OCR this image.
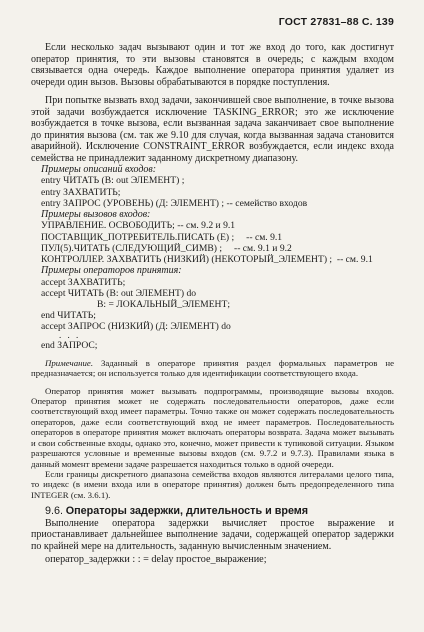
ГОСТ 27831–88 С. 139

Если несколько задач вызывают один и тот же вход до того, как достигнут оператор принятия, то эти вызовы становятся в очередь; с каждым входом связывается одна очередь. Каждое выполнение оператора принятия удаляет из очереди один вызов. Вызовы обрабатываются в порядке поступления.

При попытке вызвать вход задачи, закончившей свое выполнение, в точке вызова этой задачи возбуждается исключение TASKING_ERROR; это же исключение возбуждается в точке вызова, если вызванная задача заканчивает свое выполнение до принятия вызова (см. так же 9.10 для случая, когда вызванная задача становится аварийной). Исключение CONSTRAINT_ERROR возбуждается, если индекс входа семейства не принадлежит заданному дискретному диапазону.

Примеры описаний входов:

entry ЧИТАТЬ (В: out ЭЛЕМЕНТ) ;
entry ЗАХВАТИТЬ;
entry ЗАПРОС (УРОВЕНЬ) (Д: ЭЛЕМЕНТ) ; -- семейство входов

Примеры вызовов входов:

УПРАВЛЕНИЕ. ОСВОБОДИТЬ; -- см. 9.2 и 9.1
ПОСТАВЩИК_ПОТРЕБИТЕЛЬ.ПИСАТЬ (Е) ;     -- см. 9.1
ПУЛ(5).ЧИТАТЬ (СЛЕДУЮЩИЙ_СИМВ) ;     -- см. 9.1 и 9.2
КОНТРОЛЛЕР. ЗАХВАТИТЬ (НИЗКИЙ) (НЕКОТОРЫЙ_ЭЛЕМЕНТ) ;  -- см. 9.1

Примеры операторов принятия:

accept ЗАХВАТИТЬ;
accept ЧИТАТЬ (В: out ЭЛЕМЕНТ) do
В: = ЛОКАЛЬНЫЙ_ЭЛЕМЕНТ;
end ЧИТАТЬ;
accept ЗАПРОС (НИЗКИЙ) (Д: ЭЛЕМЕНТ) do
. . .
end ЗАПРОС;

Примечание. Заданный в операторе принятия раздел формальных параметров не предназначается; он используется только для идентификации соответствующего входа.

Оператор принятия может вызывать подпрограммы, производящие вызовы входов. Оператор принятия может не содержать последовательности операторов, даже если соответствующий вход имеет параметры. Точно также он может содержать последовательность операторов, даже если соответствующий вход не имеет параметров. Последовательность операторов в операторе принятия может включать операторы возврата. Задача может вызывать и свои собственные входы, однако это, конечно, может привести к тупиковой ситуации. Языком разрешаются условные и временные вызовы входов (см. 9.7.2 и 9.7.3). Правилами языка в данный момент времени задаче разрешается находиться только в одной очереди.

Если границы дискретного диапазона семейства входов являются литералами целого типа, то индекс (в имени входа или в операторе принятия) должен быть предопределенного типа INTEGER (см. 3.6.1).

9.6. Операторы задержки, длительность и время

Выполнение оператора задержки вычисляет простое выражение и приостанавливает дальнейшее выполнение задачи, содержащей оператор задержки по крайней мере на длительность, заданную вычисленным значением.

оператор_задержки : : = delay простое_выражение;
